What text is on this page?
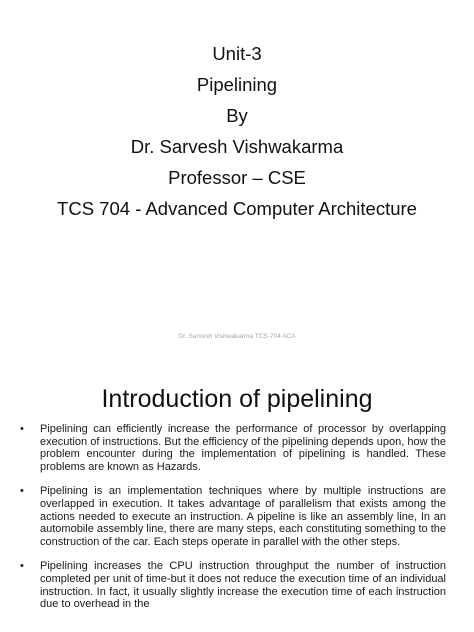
Unit-3
Pipelining
By
Dr. Sarvesh Vishwakarma
Professor – CSE
TCS 704 - Advanced Computer Architecture
Dr. Sarvesh Vishwakarma TCS-704 ACA
Introduction of pipelining
• Pipelining can efficiently increase the performance of processor by overlapping execution of instructions. But the efficiency of the pipelining depends upon, how the problem encounter during the implementation of pipelining is handled. These problems are known as Hazards.
• Pipelining is an implementation techniques where by multiple instructions are overlapped in execution. It takes advantage of parallelism that exists among the actions needed to execute an instruction. A pipeline is like an assembly line, In an automobile assembly line, there are many steps, each constituting something to the construction of the car. Each steps operate in parallel with the other steps.
• Pipelining increases the CPU instruction throughput the number of instruction completed per unit of time-but it does not reduce the execution time of an individual instruction. In fact, it usually slightly increase the execution time of each instruction due to overhead in the
